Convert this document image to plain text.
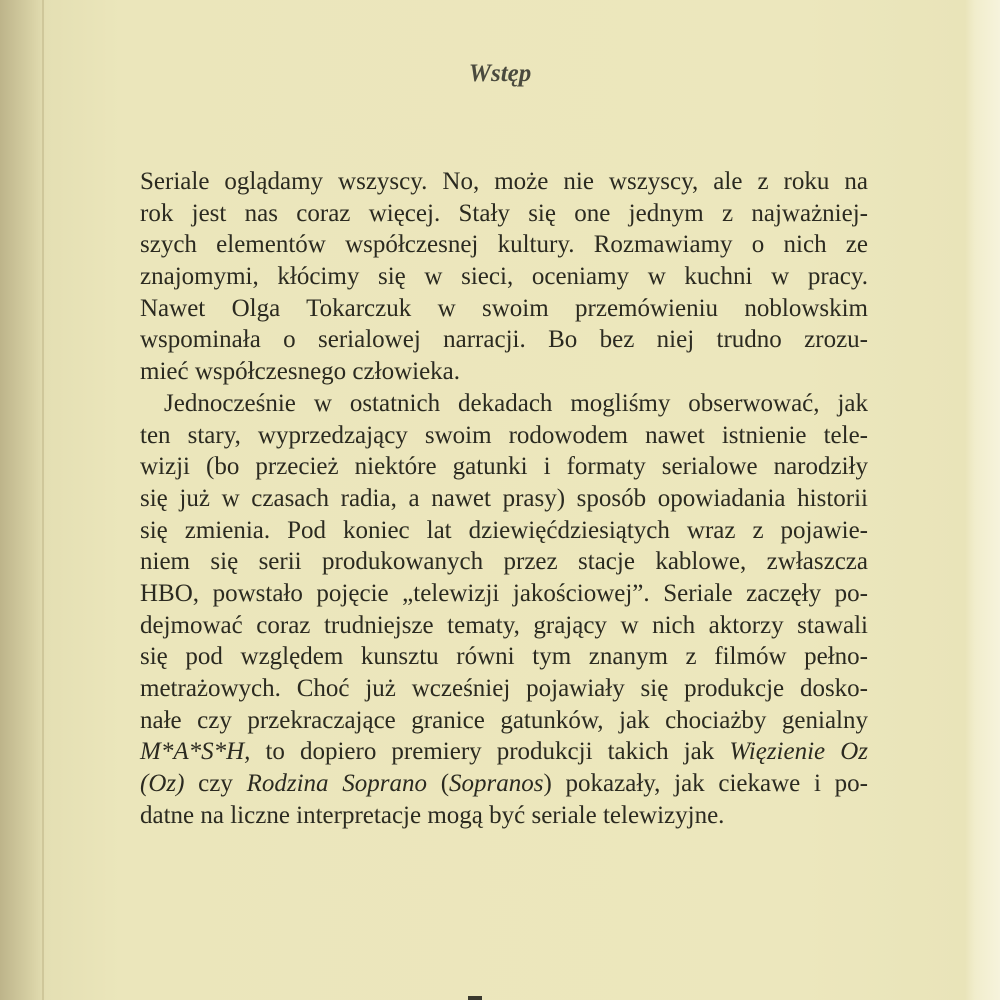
Wstęp
Seriale oglądamy wszyscy. No, może nie wszyscy, ale z roku na
rok jest nas coraz więcej. Stały się one jednym z najważniej-
szych elementów współczesnej kultury. Rozmawiamy o nich ze
znajomymi, kłócimy się w sieci, oceniamy w kuchni w pracy.
Nawet Olga Tokarczuk w swoim przemówieniu noblowskim
wspominała o serialowej narracji. Bo bez niej trudno zrozu-
mieć współczesnego człowieka.
Jednocześnie w ostatnich dekadach mogliśmy obserwować, jak
ten stary, wyprzedzający swoim rodowodem nawet istnienie tele-
wizji (bo przecież niektóre gatunki i formaty serialowe narodziły
się już w czasach radia, a nawet prasy) sposób opowiadania historii
się zmienia. Pod koniec lat dziewięćdziesiątych wraz z pojawie-
niem się serii produkowanych przez stacje kablowe, zwłaszcza
HBO, powstało pojęcie „telewizji jakościowej”. Seriale zaczęły po-
dejmować coraz trudniejsze tematy, grający w nich aktorzy stawali
się pod względem kunsztu równi tym znanym z filmów pełno-
metrażowych. Choć już wcześniej pojawiały się produkcje dosko-
nałe czy przekraczające granice gatunków, jak chociażby genialny
M*A*S*H, to dopiero premiery produkcji takich jak Więzienie Oz
(Oz) czy Rodzina Soprano (Sopranos) pokazały, jak ciekawe i po-
datne na liczne interpretacje mogą być seriale telewizyjne.
